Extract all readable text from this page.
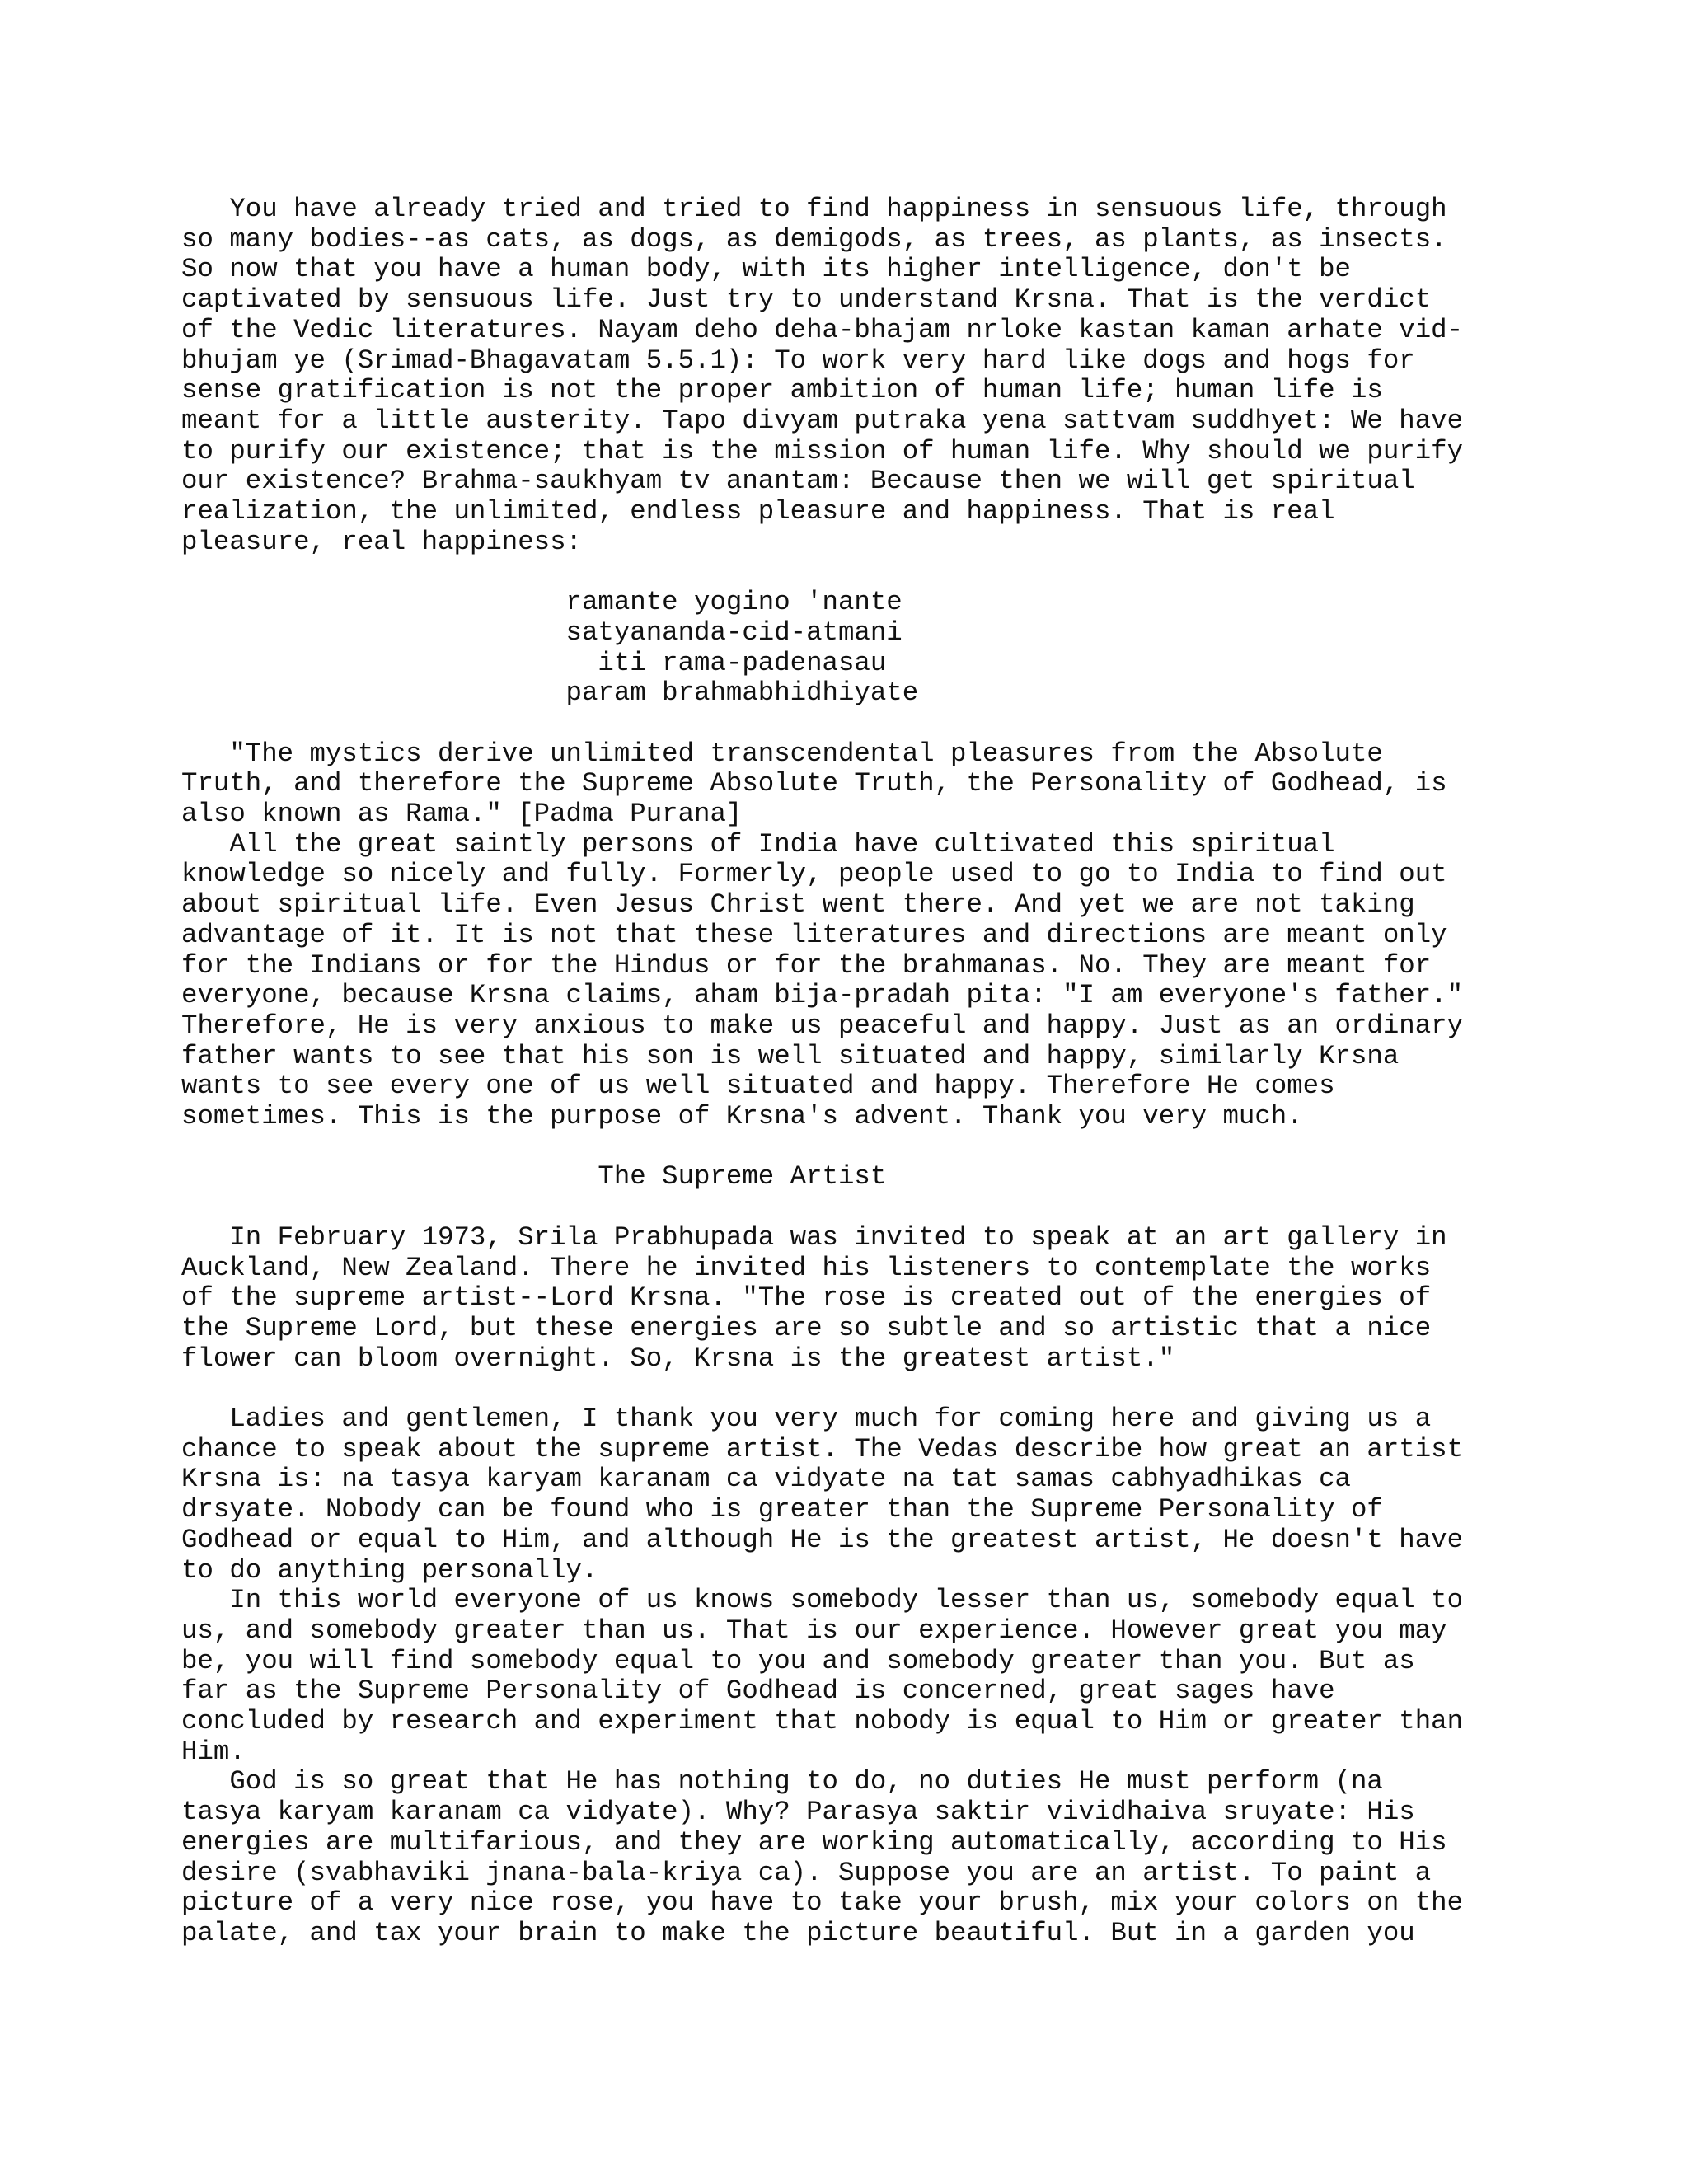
You have already tried and tried to find happiness in sensuous life, through
so many bodies--as cats, as dogs, as demigods, as trees, as plants, as insects.
So now that you have a human body, with its higher intelligence, don't be
captivated by sensuous life. Just try to understand Krsna. That is the verdict
of the Vedic literatures. Nayam deho deha-bhajam nrloke kastan kaman arhate vid-
bhujam ye (Srimad-Bhagavatam 5.5.1): To work very hard like dogs and hogs for
sense gratification is not the proper ambition of human life; human life is
meant for a little austerity. Tapo divyam putraka yena sattvam suddhyet: We have
to purify our existence; that is the mission of human life. Why should we purify
our existence? Brahma-saukhyam tv anantam: Because then we will get spiritual
realization, the unlimited, endless pleasure and happiness. That is real
pleasure, real happiness:
ramante yogino 'nante
satyananda-cid-atmani
iti rama-padenasau
param brahmabhidhiyate
"The mystics derive unlimited transcendental pleasures from the Absolute
Truth, and therefore the Supreme Absolute Truth, the Personality of Godhead, is
also known as Rama." [Padma Purana]
All the great saintly persons of India have cultivated this spiritual
knowledge so nicely and fully. Formerly, people used to go to India to find out
about spiritual life. Even Jesus Christ went there. And yet we are not taking
advantage of it. It is not that these literatures and directions are meant only
for the Indians or for the Hindus or for the brahmanas. No. They are meant for
everyone, because Krsna claims, aham bija-pradah pita: "I am everyone's father."
Therefore, He is very anxious to make us peaceful and happy. Just as an ordinary
father wants to see that his son is well situated and happy, similarly Krsna
wants to see every one of us well situated and happy. Therefore He comes
sometimes. This is the purpose of Krsna's advent. Thank you very much.
The Supreme Artist
In February 1973, Srila Prabhupada was invited to speak at an art gallery in
Auckland, New Zealand. There he invited his listeners to contemplate the works
of the supreme artist--Lord Krsna. "The rose is created out of the energies of
the Supreme Lord, but these energies are so subtle and so artistic that a nice
flower can bloom overnight. So, Krsna is the greatest artist."
Ladies and gentlemen, I thank you very much for coming here and giving us a
chance to speak about the supreme artist. The Vedas describe how great an artist
Krsna is: na tasya karyam karanam ca vidyate na tat samas cabhyadhikas ca
drsyate. Nobody can be found who is greater than the Supreme Personality of
Godhead or equal to Him, and although He is the greatest artist, He doesn't have
to do anything personally.
In this world everyone of us knows somebody lesser than us, somebody equal to
us, and somebody greater than us. That is our experience. However great you may
be, you will find somebody equal to you and somebody greater than you. But as
far as the Supreme Personality of Godhead is concerned, great sages have
concluded by research and experiment that nobody is equal to Him or greater than
Him.
God is so great that He has nothing to do, no duties He must perform (na
tasya karyam karanam ca vidyate). Why? Parasya saktir vividhaiva sruyate: His
energies are multifarious, and they are working automatically, according to His
desire (svabhaviki jnana-bala-kriya ca). Suppose you are an artist. To paint a
picture of a very nice rose, you have to take your brush, mix your colors on the
palate, and tax your brain to make the picture beautiful. But in a garden you
